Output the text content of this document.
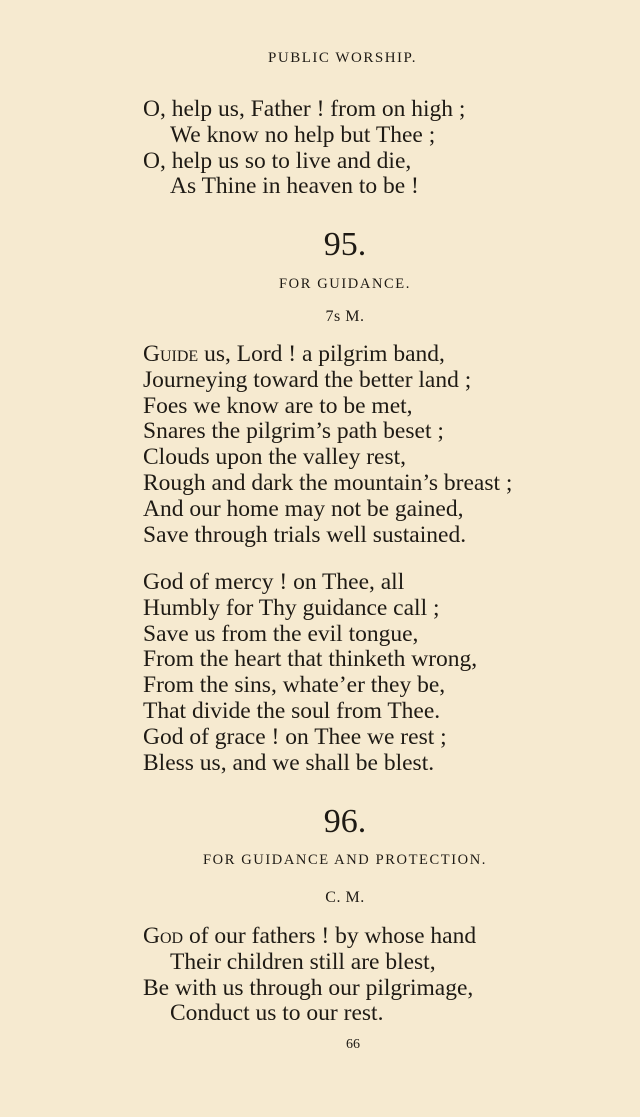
PUBLIC WORSHIP.
O, help us, Father ! from on high ;
We know no help but Thee ;
O, help us so to live and die,
As Thine in heaven to be !
95.
FOR GUIDANCE.
7s M.
Guide us, Lord ! a pilgrim band,
Journeying toward the better land ;
Foes we know are to be met,
Snares the pilgrim’s path beset ;
Clouds upon the valley rest,
Rough and dark the mountain’s breast ;
And our home may not be gained,
Save through trials well sustained.
God of mercy ! on Thee, all
Humbly for Thy guidance call ;
Save us from the evil tongue,
From the heart that thinketh wrong,
From the sins, whate’er they be,
That divide the soul from Thee.
God of grace ! on Thee we rest ;
Bless us, and we shall be blest.
96.
FOR GUIDANCE AND PROTECTION.
C. M.
God of our fathers ! by whose hand
Their children still are blest,
Be with us through our pilgrimage,
Conduct us to our rest.
66
